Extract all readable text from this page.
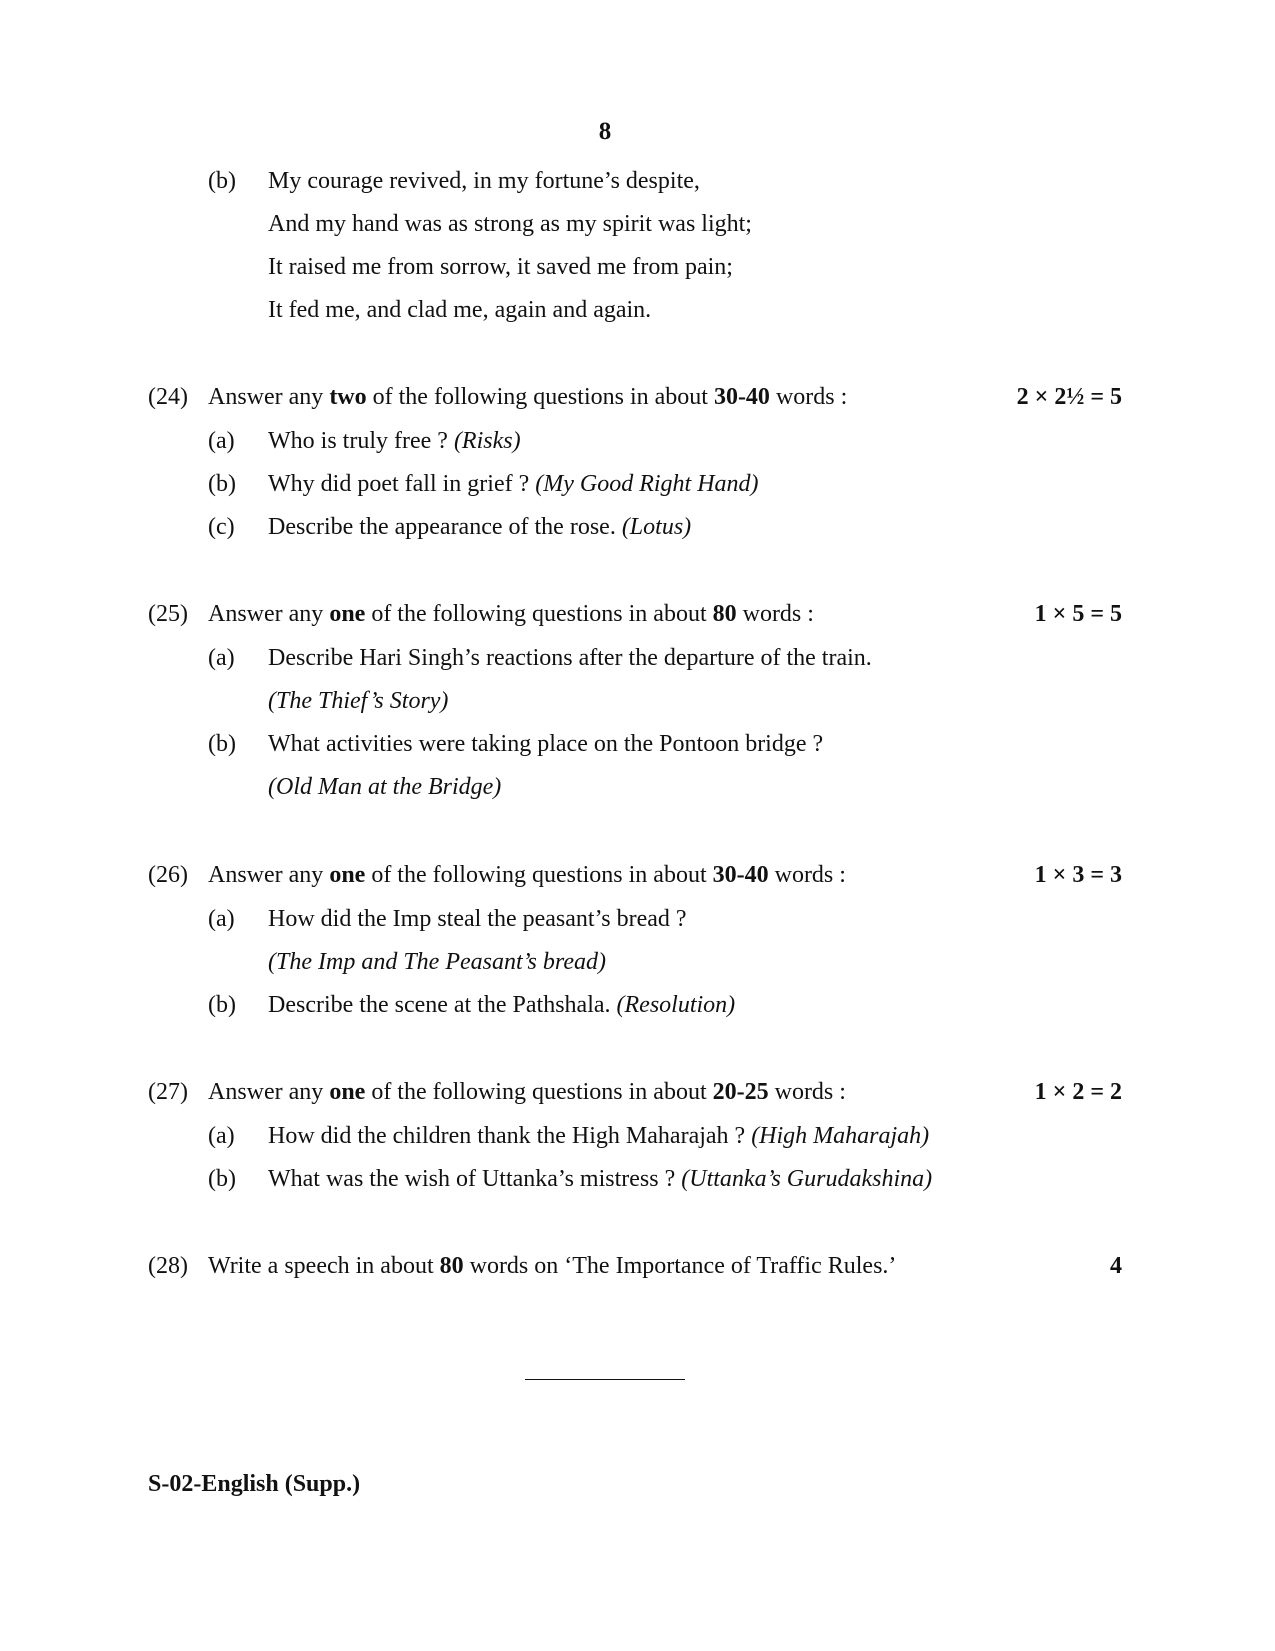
8
(b) My courage revived, in my fortune’s despite,
And my hand was as strong as my spirit was light;
It raised me from sorrow, it saved me from pain;
It fed me, and clad me, again and again.
(24) Answer any two of the following questions in about 30-40 words :	2 × 2½ = 5
(a) Who is truly free ? (Risks)
(b) Why did poet fall in grief ? (My Good Right Hand)
(c) Describe the appearance of the rose. (Lotus)
(25) Answer any one of the following questions in about 80 words :	1 × 5 = 5
(a) Describe Hari Singh’s reactions after the departure of the train.
(The Thief’s Story)
(b) What activities were taking place on the Pontoon bridge ?
(Old Man at the Bridge)
(26) Answer any one of the following questions in about 30-40 words :	1 × 3 = 3
(a) How did the Imp steal the peasant’s bread ?
(The Imp and The Peasant’s bread)
(b) Describe the scene at the Pathshala. (Resolution)
(27) Answer any one of the following questions in about 20-25 words :	1 × 2 = 2
(a) How did the children thank the High Maharajah ? (High Maharajah)
(b) What was the wish of Uttanka’s mistress ? (Uttanka’s Gurudakshina)
(28) Write a speech in about 80 words on ‘The Importance of Traffic Rules.’	4
S-02-English (Supp.)
